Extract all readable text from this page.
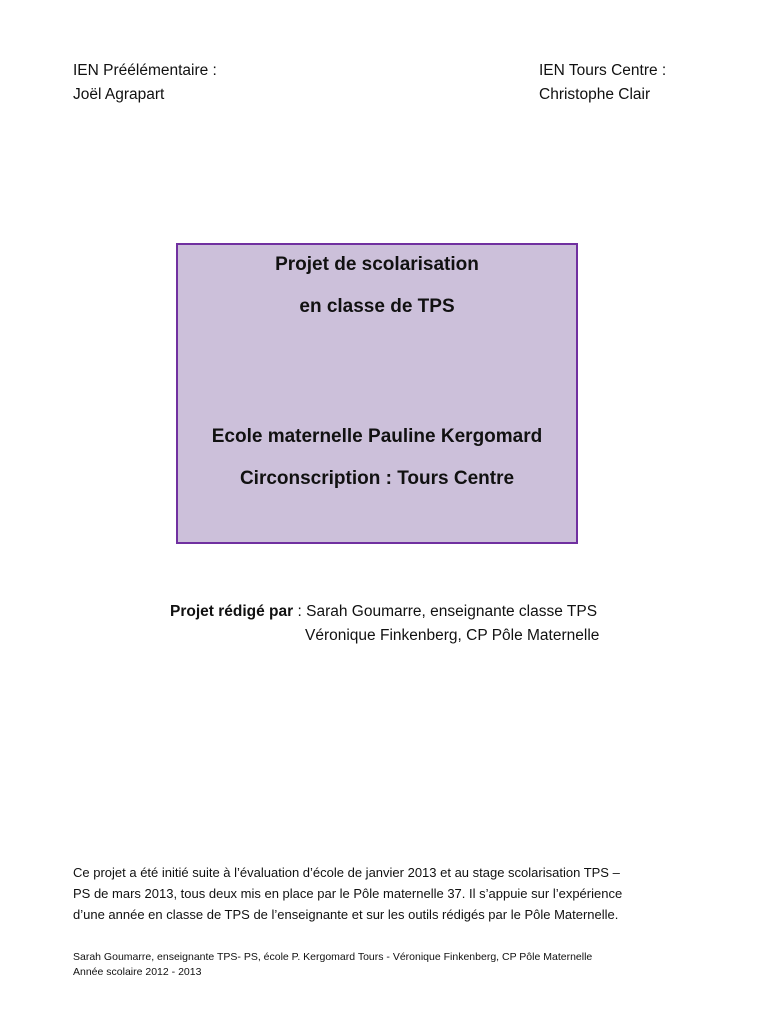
IEN Préélémentaire :
Joël Agrapart
IEN Tours Centre :
Christophe Clair
Projet de scolarisation
en classe de TPS
Ecole maternelle Pauline Kergomard
Circonscription : Tours Centre
Projet rédigé par : Sarah Goumarre, enseignante classe TPS
Véronique Finkenberg, CP Pôle Maternelle
Ce projet a été initié suite à l’évaluation d’école de janvier 2013 et au stage scolarisation TPS –
PS de mars 2013, tous deux mis en place par le Pôle maternelle 37. Il s’appuie sur l’expérience
d’une année en classe de TPS de l’enseignante et sur les outils rédigés par le Pôle Maternelle.
Sarah Goumarre, enseignante TPS- PS, école P. Kergomard Tours - Véronique Finkenberg, CP Pôle Maternelle
Année scolaire 2012 - 2013
